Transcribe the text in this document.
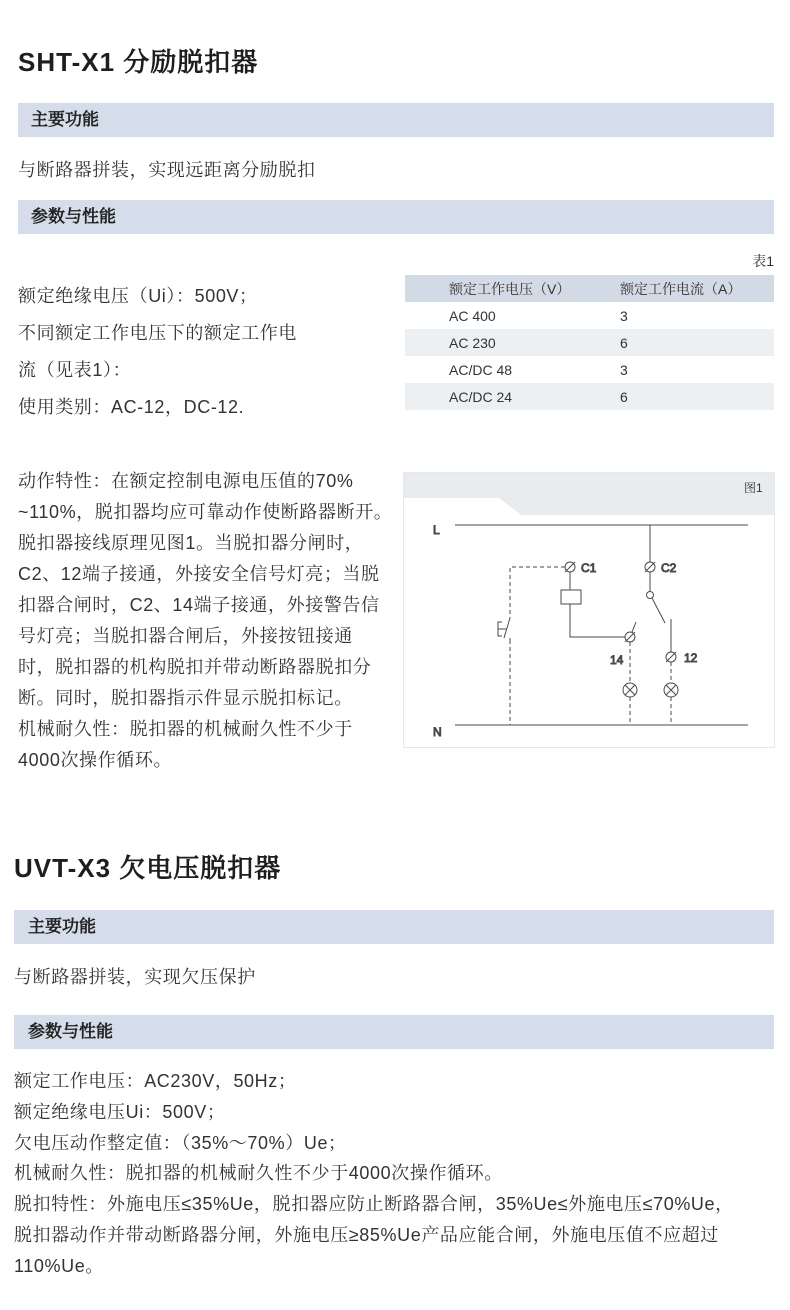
SHT-X1 分励脱扣器
主要功能
与断路器拼装，实现远距离分励脱扣
参数与性能
额定绝缘电压（Ui）：500V；
不同额定工作电压下的额定工作电
流（见表1）：
使用类别：AC-12，DC-12.
表1
额定工作电压（V）	额定工作电流（A）
AC 400	3
AC 230	6
AC/DC 48	3
AC/DC 24	6
动作特性：在额定控制电源电压值的70%
~110%，脱扣器均应可靠动作使断路器断开。
脱扣器接线原理见图1。当脱扣器分闸时，
C2、12端子接通，外接安全信号灯亮；当脱
扣器合闸时，C2、14端子接通，外接警告信
号灯亮；当脱扣器合闸后，外接按钮接通
时，脱扣器的机构脱扣并带动断路器脱扣分
断。同时，脱扣器指示件显示脱扣标记。
机械耐久性：脱扣器的机械耐久性不少于
4000次操作循环。
图1
L
N
C1
14
C2
12
UVT-X3 欠电压脱扣器
主要功能
与断路器拼装，实现欠压保护
参数与性能
额定工作电压：AC230V，50Hz；
额定绝缘电压Ui：500V；
欠电压动作整定值：（35%～70%）Ue；
机械耐久性：脱扣器的机械耐久性不少于4000次操作循环。
脱扣特性：外施电压≤35%Ue，脱扣器应防止断路器合闸，35%Ue≤外施电压≤70%Ue，
脱扣器动作并带动断路器分闸，外施电压≥85%Ue产品应能合闸，外施电压值不应超过
110%Ue。
